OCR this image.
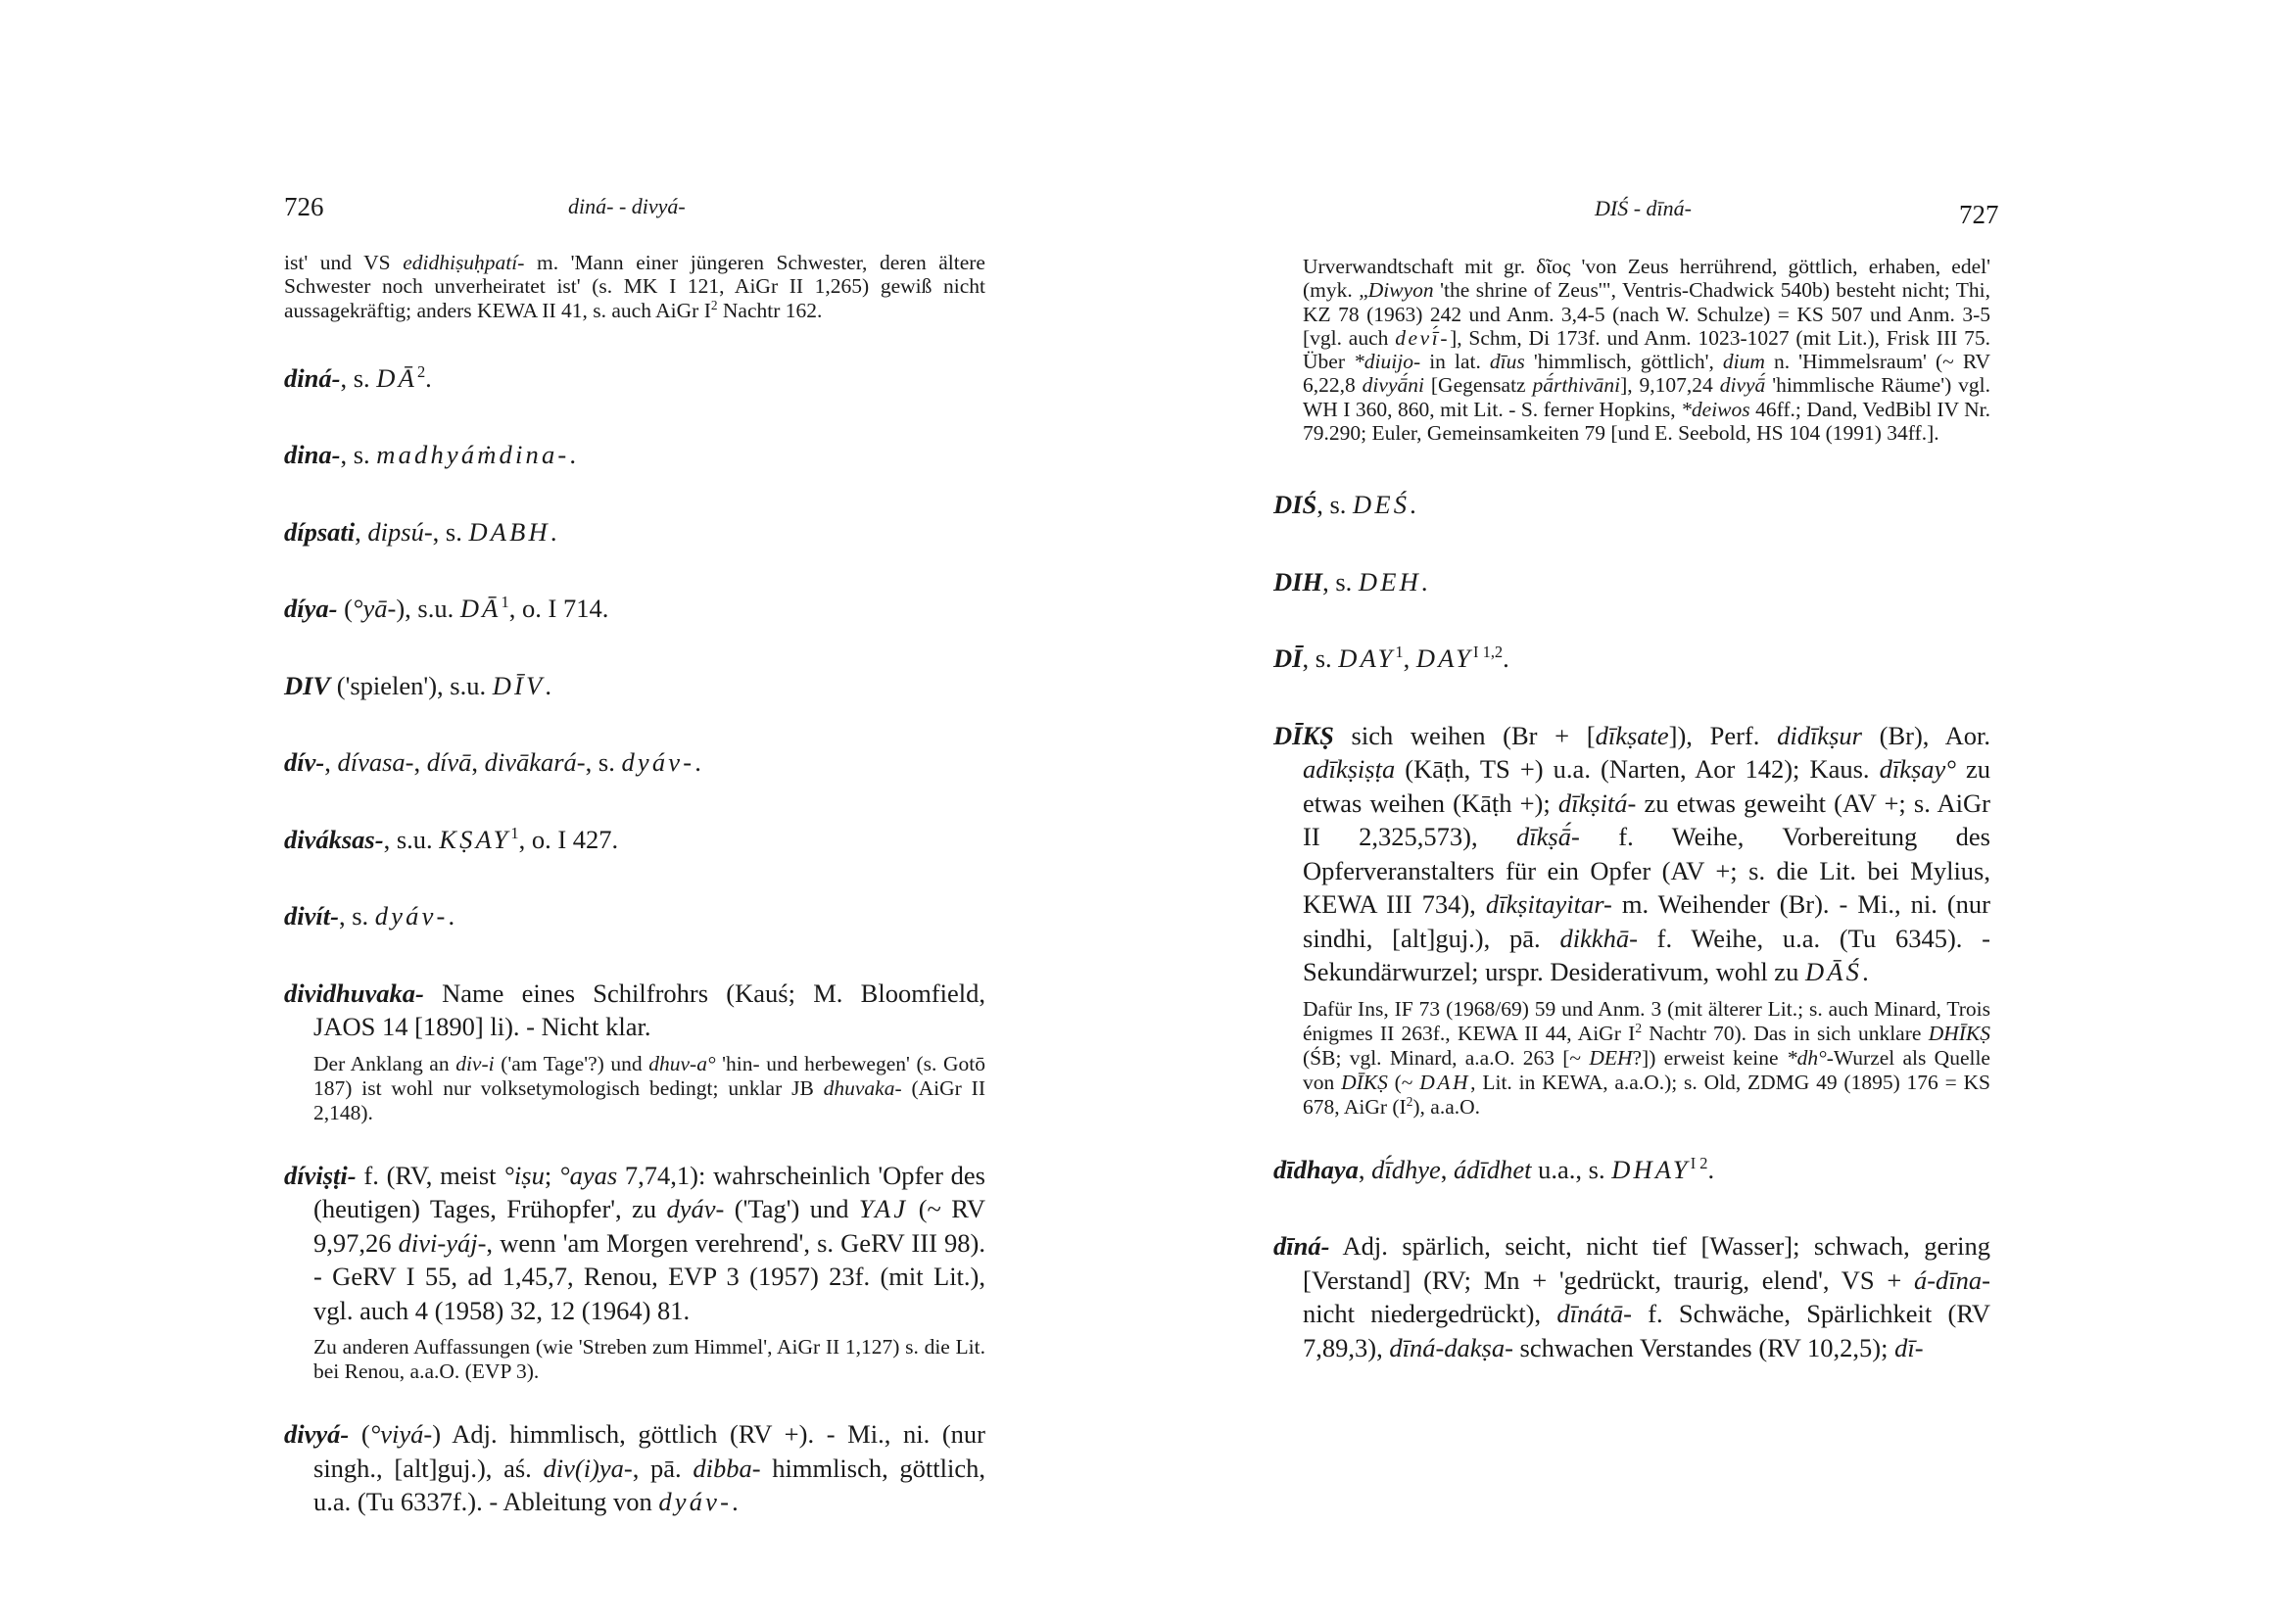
726	diná- - divyá-

ist' und VS edidhiṣuḥpatí- m. 'Mann einer jüngeren Schwester, deren ältere Schwester noch unverheiratet ist' (s. MK I 121, AiGr II 1,265) gewiß nicht aussagekräftig; anders KEWA II 41, s. auch AiGr $I^2$ Nachtr 162.

diná-, s. $DĀ^2$.

dina-, s. madhyáṁdina-.

dípsati, dipsú-, s. DABH.

díya- (°yā-), s.u. $DĀ^1$, o. I 714.

DIV ('spielen'), s.u. DĪV.

dív-, dívasa-, dívā, divākará-, s. dyáv-.

diváksas-, s.u. KṢAY$^1$, o. I 427.

divít-, s. dyáv-.

dividhuvaka- Name eines Schilfrohrs (Kauś; M. Bloomfield, JAOS 14 [1890] li). - Nicht klar.

Der Anklang an div-i ('am Tage'?) und dhuv-a° 'hin- und herbewegen' (s. Gotō 187) ist wohl nur volksetymologisch bedingt; unklar JB dhuvaka- (AiGr II 2,148).

díviṣṭi- f. (RV, meist °iṣu; °ayas 7,74,1): wahrscheinlich 'Opfer des (heutigen) Tages, Frühopfer', zu dyáv- ('Tag') und YAJ (~ RV 9,97,26 divi-yáj-, wenn 'am Morgen verehrend', s. GeRV III 98). - GeRV I 55, ad 1,45,7, Renou, EVP 3 (1957) 23f. (mit Lit.), vgl. auch 4 (1958) 32, 12 (1964) 81.

Zu anderen Auffassungen (wie 'Streben zum Himmel', AiGr II 1,127) s. die Lit. bei Renou, a.a.O. (EVP 3).

divyá- (°viyá-) Adj. himmlisch, göttlich (RV +). - Mi., ni. (nur singh., [alt]guj.), aś. div(i)ya-, pā. dibba- himmlisch, göttlich, u.a. (Tu 6337f.). - Ableitung von dyáv-.

DIŚ - dīná-	727

Urverwandtschaft mit gr. δῖος 'von Zeus herrührend, göttlich, erhaben, edel' (myk. „Diwyon 'the shrine of Zeus'", Ventris-Chadwick 540b) besteht nicht; Thi, KZ 78 (1963) 242 und Anm. 3,4-5 (nach W. Schulze) = KS 507 und Anm. 3-5 [vgl. auch devī́-], Schm, Di 173f. und Anm. 1023-1027 (mit Lit.), Frisk III 75. Über *diuijo- in lat. dīus 'himmlisch, göttlich', dium n. 'Himmelsraum' (~ RV 6,22,8 divyā́ni [Gegensatz pā́rthivāni], 9,107,24 divyā́ 'himmlische Räume') vgl. WH I 360, 860, mit Lit. - S. ferner Hopkins, *deiwos 46ff.; Dand, VedBibl IV Nr. 79.290; Euler, Gemeinsamkeiten 79 [und E. Seebold, HS 104 (1991) 34ff.].

DIŚ, s. DEŚ.

DIH, s. DEH.

DĪ, s. DAY$^1$, $DAY^{I 1,2}$.

DĪKṢ sich weihen (Br + [dīkṣate]), Perf. didīkṣur (Br), Aor. adīkṣiṣṭa (Kāṭh, TS +) u.a. (Narten, Aor 142); Kaus. dīkṣay° zu etwas weihen (Kāṭh +); dīkṣitá- zu etwas geweiht (AV +; s. AiGr II 2,325,573), dīkṣā́- f. Weihe, Vorbereitung des Opferveranstalters für ein Opfer (AV +; s. die Lit. bei Mylius, KEWA III 734), dīkṣitayitar- m. Weihender (Br). - Mi., ni. (nur sindhi, [alt]guj.), pā. dikkhā- f. Weihe, u.a. (Tu 6345). - Sekundärwurzel; urspr. Desiderativum, wohl zu DĀŚ.

Dafür Ins, IF 73 (1968/69) 59 und Anm. 3 (mit älterer Lit.; s. auch Minard, Trois énigmes II 263f., KEWA II 44, AiGr $I^2$ Nachtr 70). Das in sich unklare DHĪKṢ (ŚB; vgl. Minard, a.a.O. 263 [~ DEH?]) erweist keine *dh°-Wurzel als Quelle von DĪKṢ (~ DAH, Lit. in KEWA, a.a.O.); s. Old, ZDMG 49 (1895) 176 = KS 678, AiGr $(I^2)$, a.a.O.

dīdhaya, dī́dhye, ádīdhet u.a., s. $DHAY^{I 2}$.

dīná- Adj. spärlich, seicht, nicht tief [Wasser]; schwach, gering [Verstand] (RV; Mn + 'gedrückt, traurig, elend', VS + á-dīna- nicht niedergedrückt), dīnátā- f. Schwäche, Spärlichkeit (RV 7,89,3), dīná-dakṣa- schwachen Verstandes (RV 10,2,5); dī-
